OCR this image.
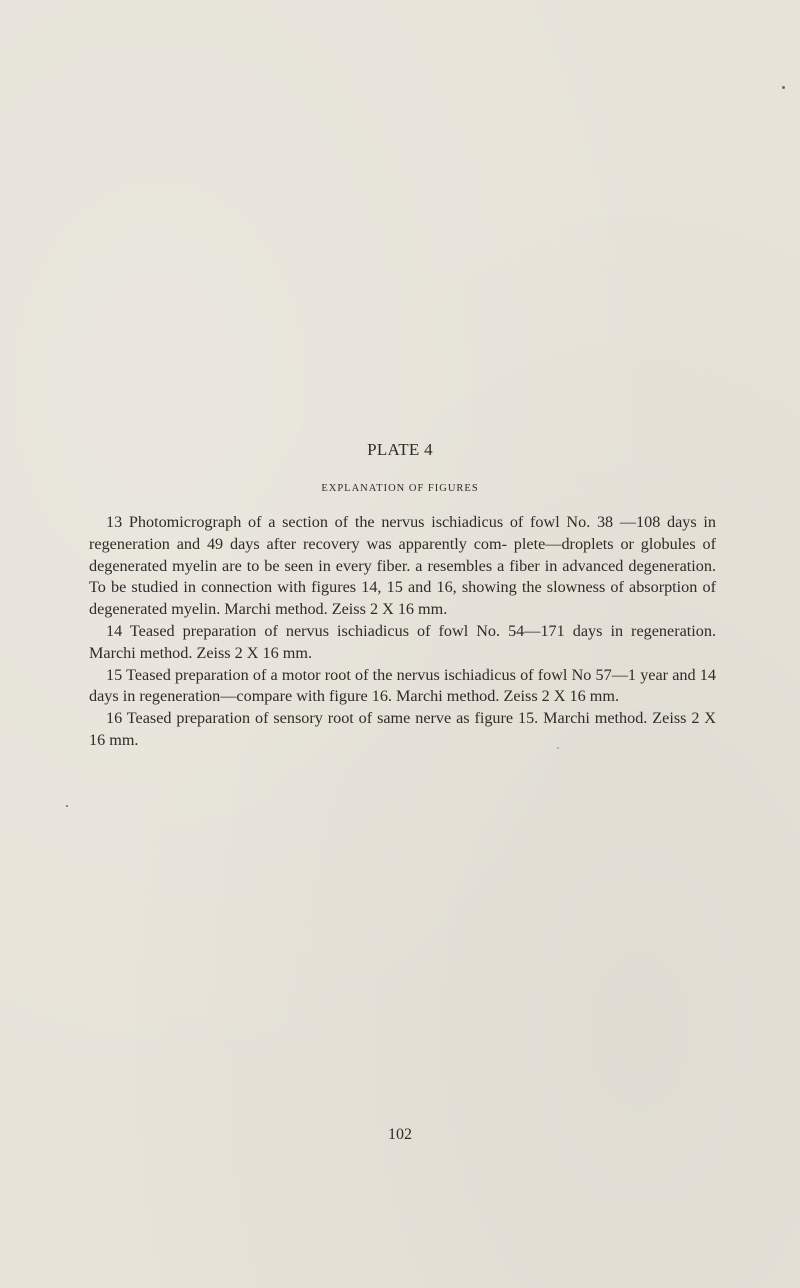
PLATE 4
EXPLANATION OF FIGURES

13 Photomicrograph of a section of the nervus ischiadicus of fowl No. 38 —108 days in regeneration and 49 days after recovery was apparently com- plete—droplets or globules of degenerated myelin are to be seen in every fiber. a resembles a fiber in advanced degeneration. To be studied in connection with figures 14, 15 and 16, showing the slowness of absorption of degenerated myelin. Marchi method. Zeiss 2 X 16 mm.

14 Teased preparation of nervus ischiadicus of fowl No. 54—171 days in regeneration. Marchi method. Zeiss 2 X 16 mm.

15 Teased preparation of a motor root of the nervus ischiadicus of fowl No 57—1 year and 14 days in regeneration—compare with figure 16. Marchi method. Zeiss 2 X 16 mm.

16 Teased preparation of sensory root of same nerve as figure 15. Marchi method. Zeiss 2 X 16 mm.

102
